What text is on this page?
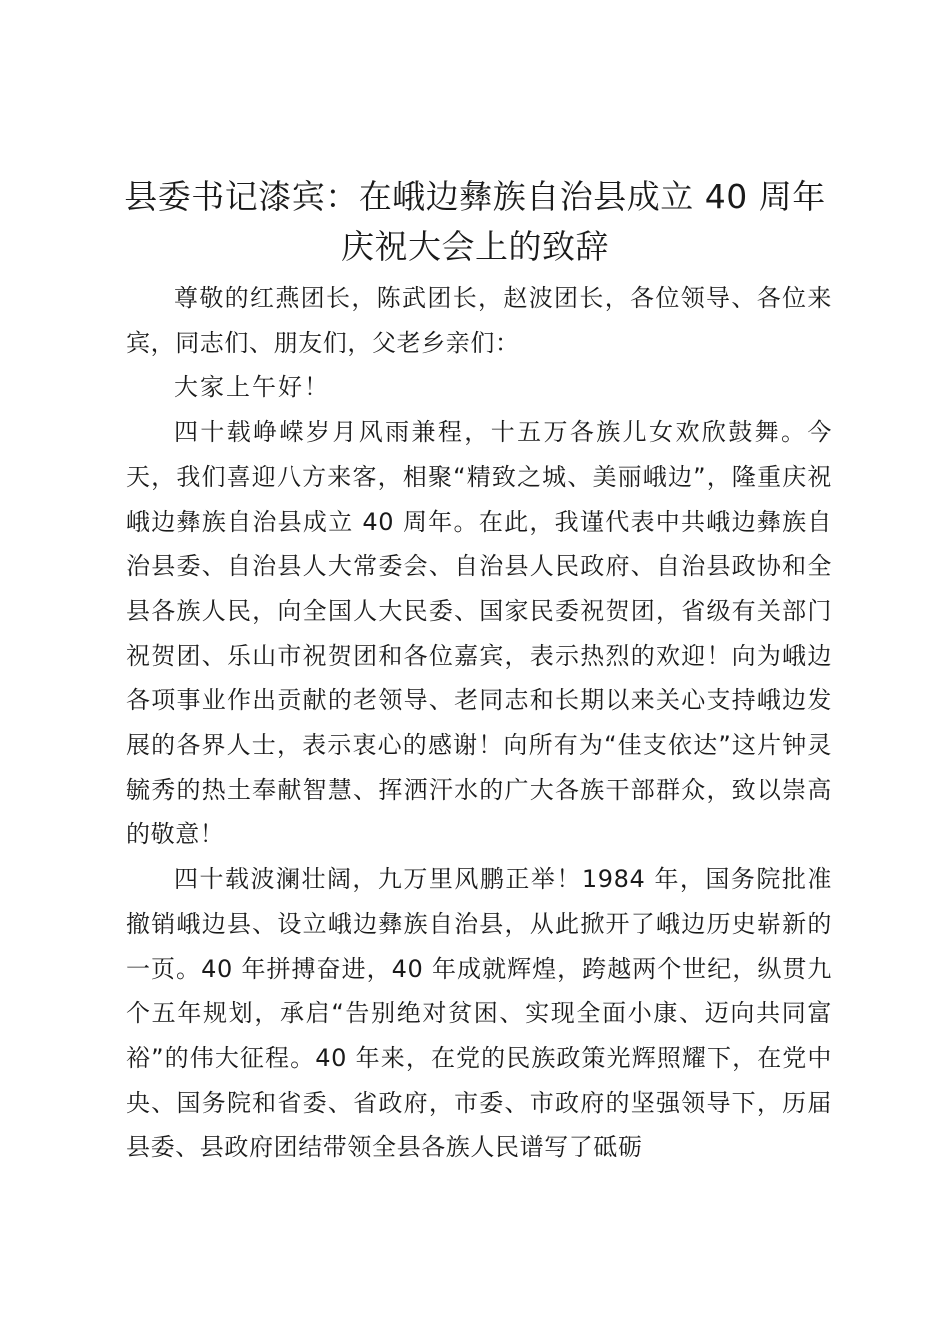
县委书记漆宾：在峨边彝族自治县成立 40 周年庆祝大会上的致辞

尊敬的红燕团长，陈武团长，赵波团长，各位领导、各位来宾，同志们、朋友们，父老乡亲们：

大家上午好！

四十载峥嵘岁月风雨兼程，十五万各族儿女欢欣鼓舞。今天，我们喜迎八方来客，相聚“精致之城、美丽峨边”，隆重庆祝峨边彝族自治县成立 40 周年。在此，我谨代表中共峨边彝族自治县委、自治县人大常委会、自治县人民政府、自治县政协和全县各族人民，向全国人大民委、国家民委祝贺团，省级有关部门祝贺团、乐山市祝贺团和各位嘉宾，表示热烈的欢迎！向为峨边各项事业作出贡献的老领导、老同志和长期以来关心支持峨边发展的各界人士，表示衷心的感谢！向所有为“佳支依达”这片钟灵毓秀的热土奉献智慧、挥洒汗水的广大各族干部群众，致以崇高的敬意！

四十载波澜壮阔，九万里风鹏正举！1984 年，国务院批准撤销峨边县、设立峨边彝族自治县，从此掀开了峨边历史崭新的一页。40 年拼搏奋进，40 年成就辉煌，跨越两个世纪，纵贯九个五年规划，承启“告别绝对贫困、实现全面小康、迈向共同富裕”的伟大征程。40 年来，在党的民族政策光辉照耀下，在党中央、国务院和省委、省政府，市委、市政府的坚强领导下，历届县委、县政府团结带领全县各族人民谱写了砥砺
